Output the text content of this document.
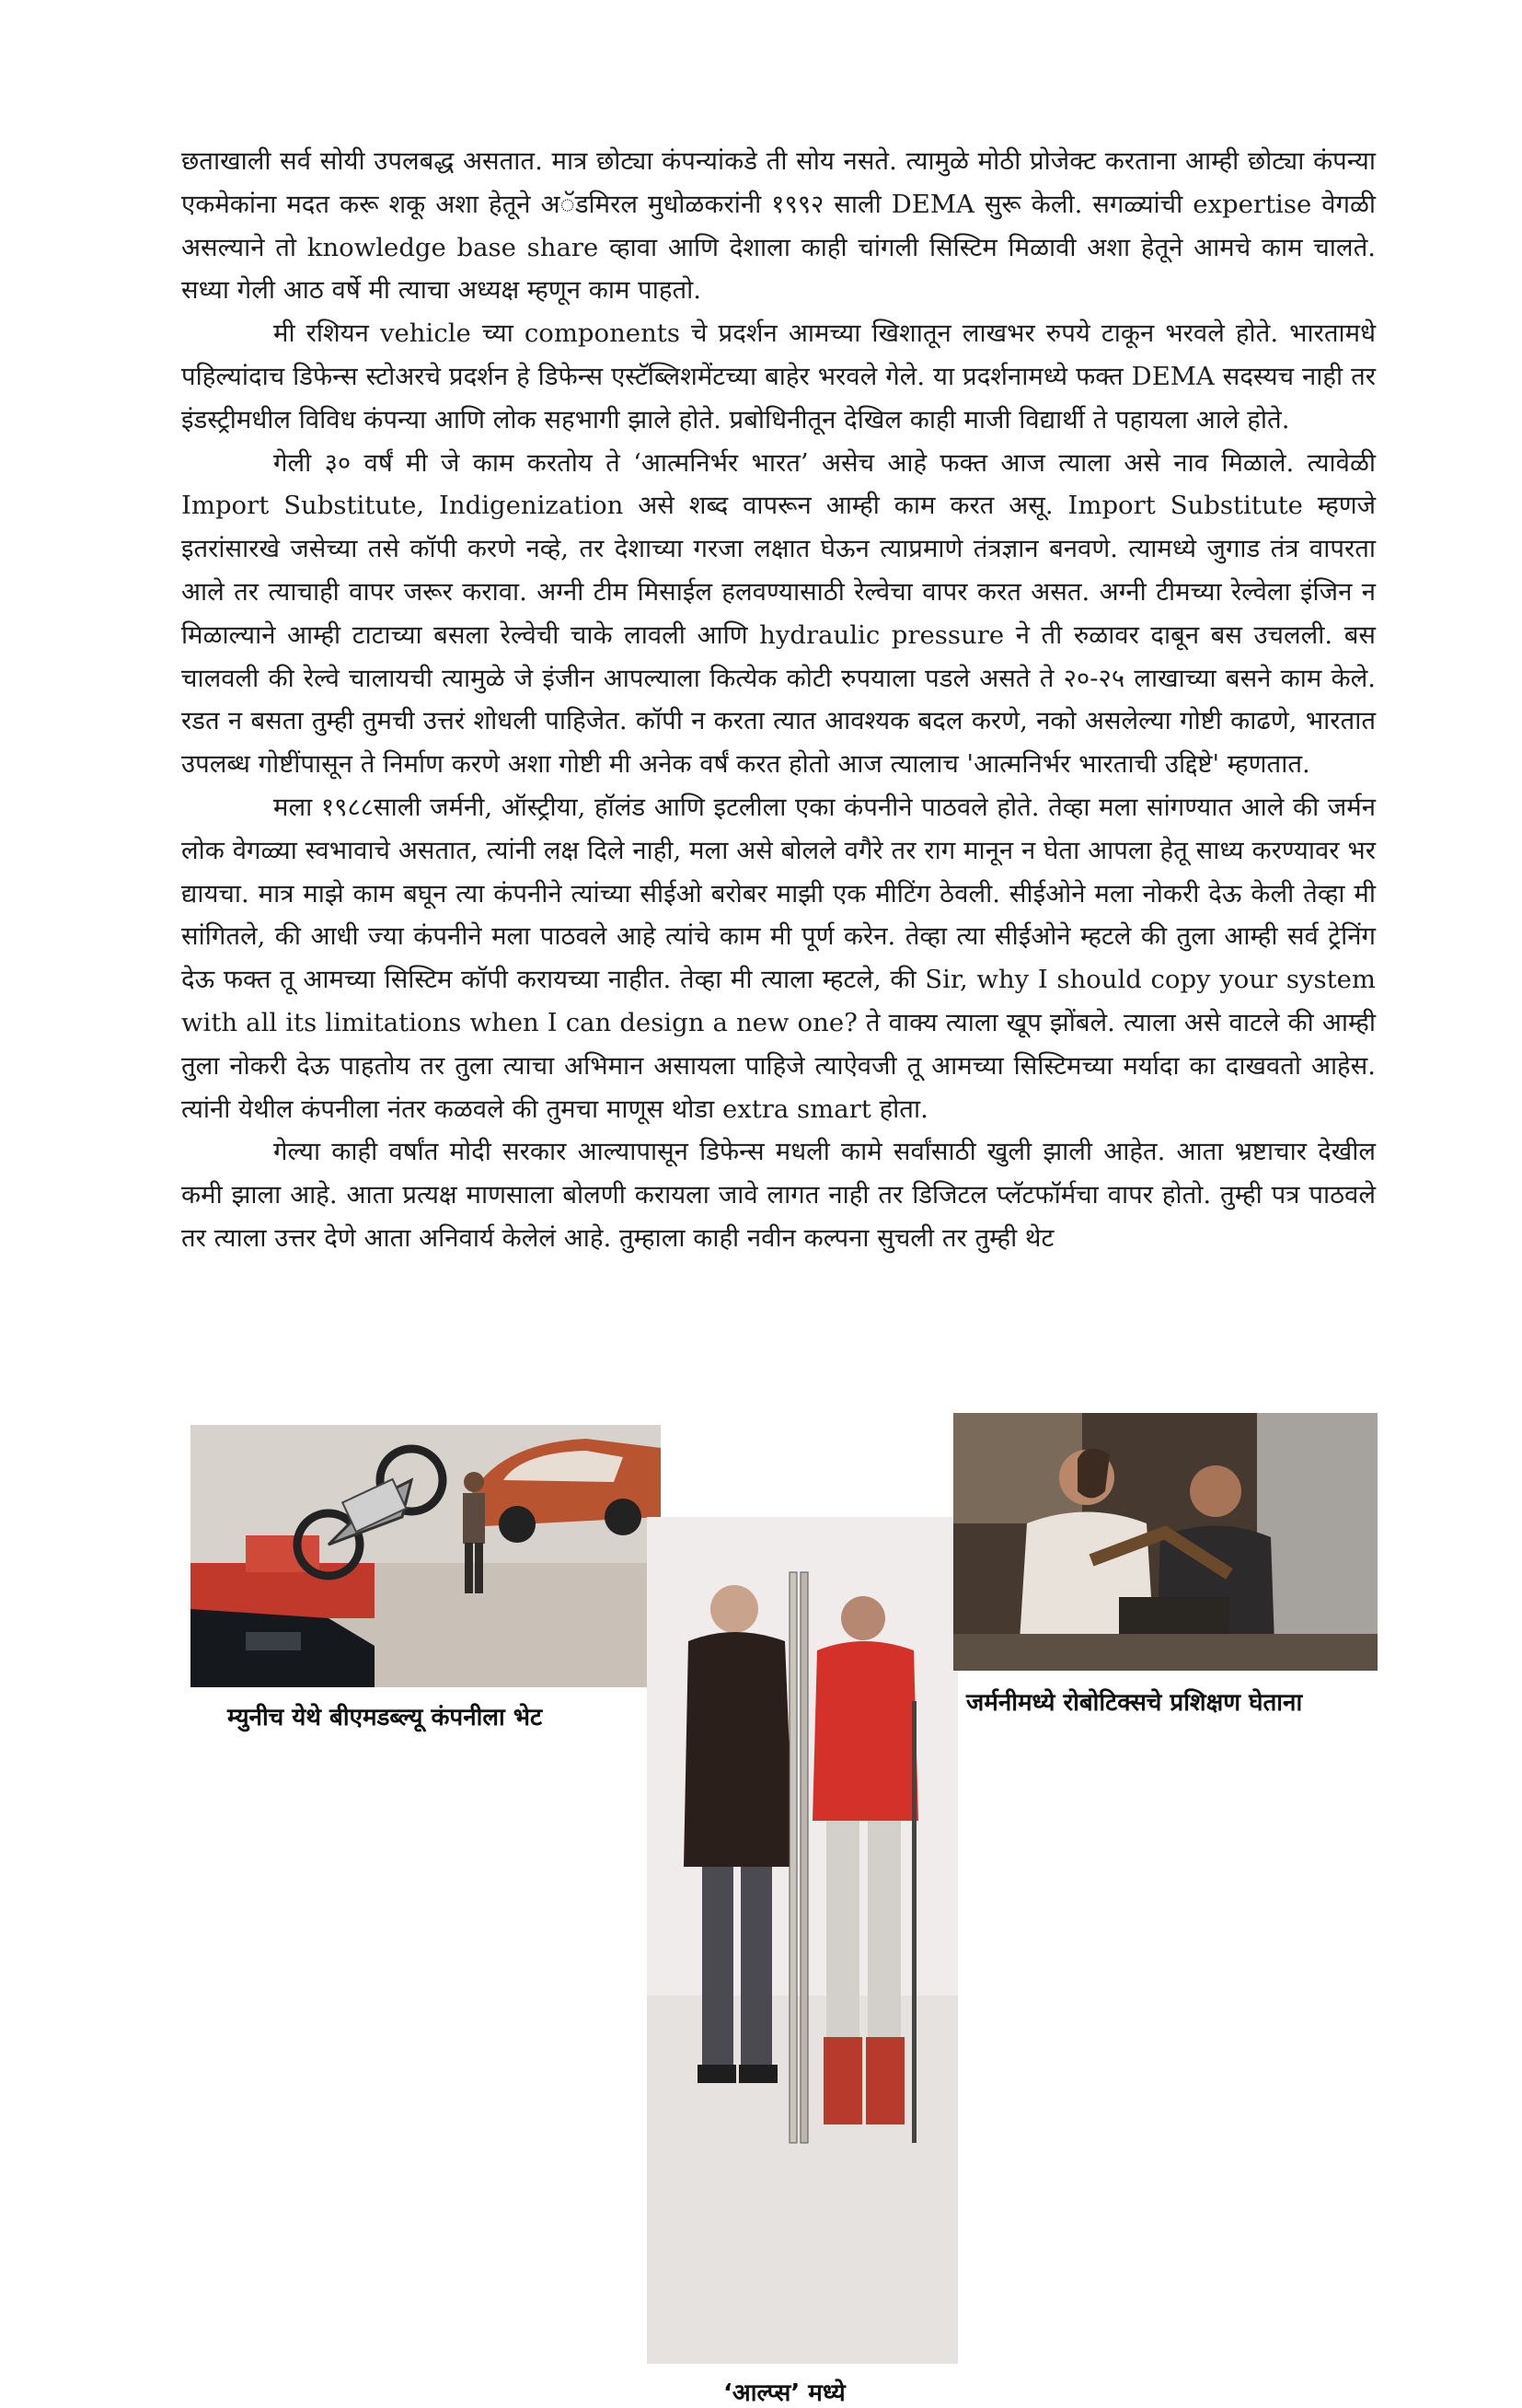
छताखाली सर्व सोयी उपलबद्ध असतात. मात्र छोट्या कंपन्यांकडे ती सोय नसते. त्यामुळे मोठी प्रोजेक्ट करताना आम्ही छोट्या कंपन्या एकमेकांना मदत करू शकू अशा हेतूने अॅडमिरल मुधोळकरांनी १९९२ साली DEMA सुरू केली. सगळ्यांची expertise वेगळी असल्याने तो knowledge base share व्हावा आणि देशाला काही चांगली सिस्टिम मिळावी अशा हेतूने आमचे काम चालते. सध्या गेली आठ वर्षे मी त्याचा अध्यक्ष म्हणून काम पाहतो.

मी रशियन vehicle च्या components चे प्रदर्शन आमच्या खिशातून लाखभर रुपये टाकून भरवले होते. भारतामधे पहिल्यांदाच डिफेन्स स्टोअरचे प्रदर्शन हे डिफेन्स एस्टॅब्लिशमेंटच्या बाहेर भरवले गेले. या प्रदर्शनामध्ये फक्त DEMA सदस्यच नाही तर इंडस्ट्रीमधील विविध कंपन्या आणि लोक सहभागी झाले होते. प्रबोधिनीतून देखिल काही माजी विद्यार्थी ते पहायला आले होते.

गेली ३० वर्षं मी जे काम करतोय ते ‘आत्मनिर्भर भारत’ असेच आहे फक्त आज त्याला असे नाव मिळाले. त्यावेळी Import Substitute, Indigenization असे शब्द वापरून आम्ही काम करत असू. Import Substitute म्हणजे इतरांसारखे जसेच्या तसे कॉपी करणे नव्हे, तर देशाच्या गरजा लक्षात घेऊन त्याप्रमाणे तंत्रज्ञान बनवणे. त्यामध्ये जुगाड तंत्र वापरता आले तर त्याचाही वापर जरूर करावा. अग्नी टीम मिसाईल हलवण्यासाठी रेल्वेचा वापर करत असत. अग्नी टीमच्या रेल्वेला इंजिन न मिळाल्याने आम्ही टाटाच्या बसला रेल्वेची चाके लावली आणि hydraulic pressure ने ती रुळावर दाबून बस उचलली. बस चालवली की रेल्वे चालायची त्यामुळे जे इंजीन आपल्याला कित्येक कोटी रुपयाला पडले असते ते २०-२५ लाखाच्या बसने काम केले. रडत न बसता तुम्ही तुमची उत्तरं शोधली पाहिजेत. कॉपी न करता त्यात आवश्यक बदल करणे, नको असलेल्या गोष्टी काढणे, भारतात उपलब्ध गोष्टींपासून ते निर्माण करणे अशा गोष्टी मी अनेक वर्षं करत होतो आज त्यालाच 'आत्मनिर्भर भारताची उद्दिष्टे' म्हणतात.

मला १९८८साली जर्मनी, ऑस्ट्रीया, हॉलंड आणि इटलीला एका कंपनीने पाठवले होते. तेव्हा मला सांगण्यात आले की जर्मन लोक वेगळ्या स्वभावाचे असतात, त्यांनी लक्ष दिले नाही, मला असे बोलले वगैरे तर राग मानून न घेता आपला हेतू साध्य करण्यावर भर द्यायचा. मात्र माझे काम बघून त्या कंपनीने त्यांच्या सीईओ बरोबर माझी एक मीटिंग ठेवली. सीईओने मला नोकरी देऊ केली तेव्हा मी सांगितले, की आधी ज्या कंपनीने मला पाठवले आहे त्यांचे काम मी पूर्ण करेन. तेव्हा त्या सीईओने म्हटले की तुला आम्ही सर्व ट्रेनिंग देऊ फक्त तू आमच्या सिस्टिम कॉपी करायच्या नाहीत. तेव्हा मी त्याला म्हटले, की Sir, why I should copy your system with all its limitations when I can design a new one? ते वाक्य त्याला खूप झोंबले. त्याला असे वाटले की आम्ही तुला नोकरी देऊ पाहतोय तर तुला त्याचा अभिमान असायला पाहिजे त्याऐवजी तू आमच्या सिस्टिमच्या मर्यादा का दाखवतो आहेस. त्यांनी येथील कंपनीला नंतर कळवले की तुमचा माणूस थोडा extra smart होता.

गेल्या काही वर्षांत मोदी सरकार आल्यापासून डिफेन्स मधली कामे सर्वांसाठी खुली झाली आहेत. आता भ्रष्टाचार देखील कमी झाला आहे. आता प्रत्यक्ष माणसाला बोलणी करायला जावे लागत नाही तर डिजिटल प्लॅटफॉर्मचा वापर होतो. तुम्ही पत्र पाठवले तर त्याला उत्तर देणे आता अनिवार्य केलेलं आहे. तुम्हाला काही नवीन कल्पना सुचली तर तुम्ही थेट

म्युनीच येथे बीएमडब्ल्यू कंपनीला भेट
‘आल्प्स’ मध्ये
जर्मनीमध्ये रोबोटिक्सचे प्रशिक्षण घेताना
